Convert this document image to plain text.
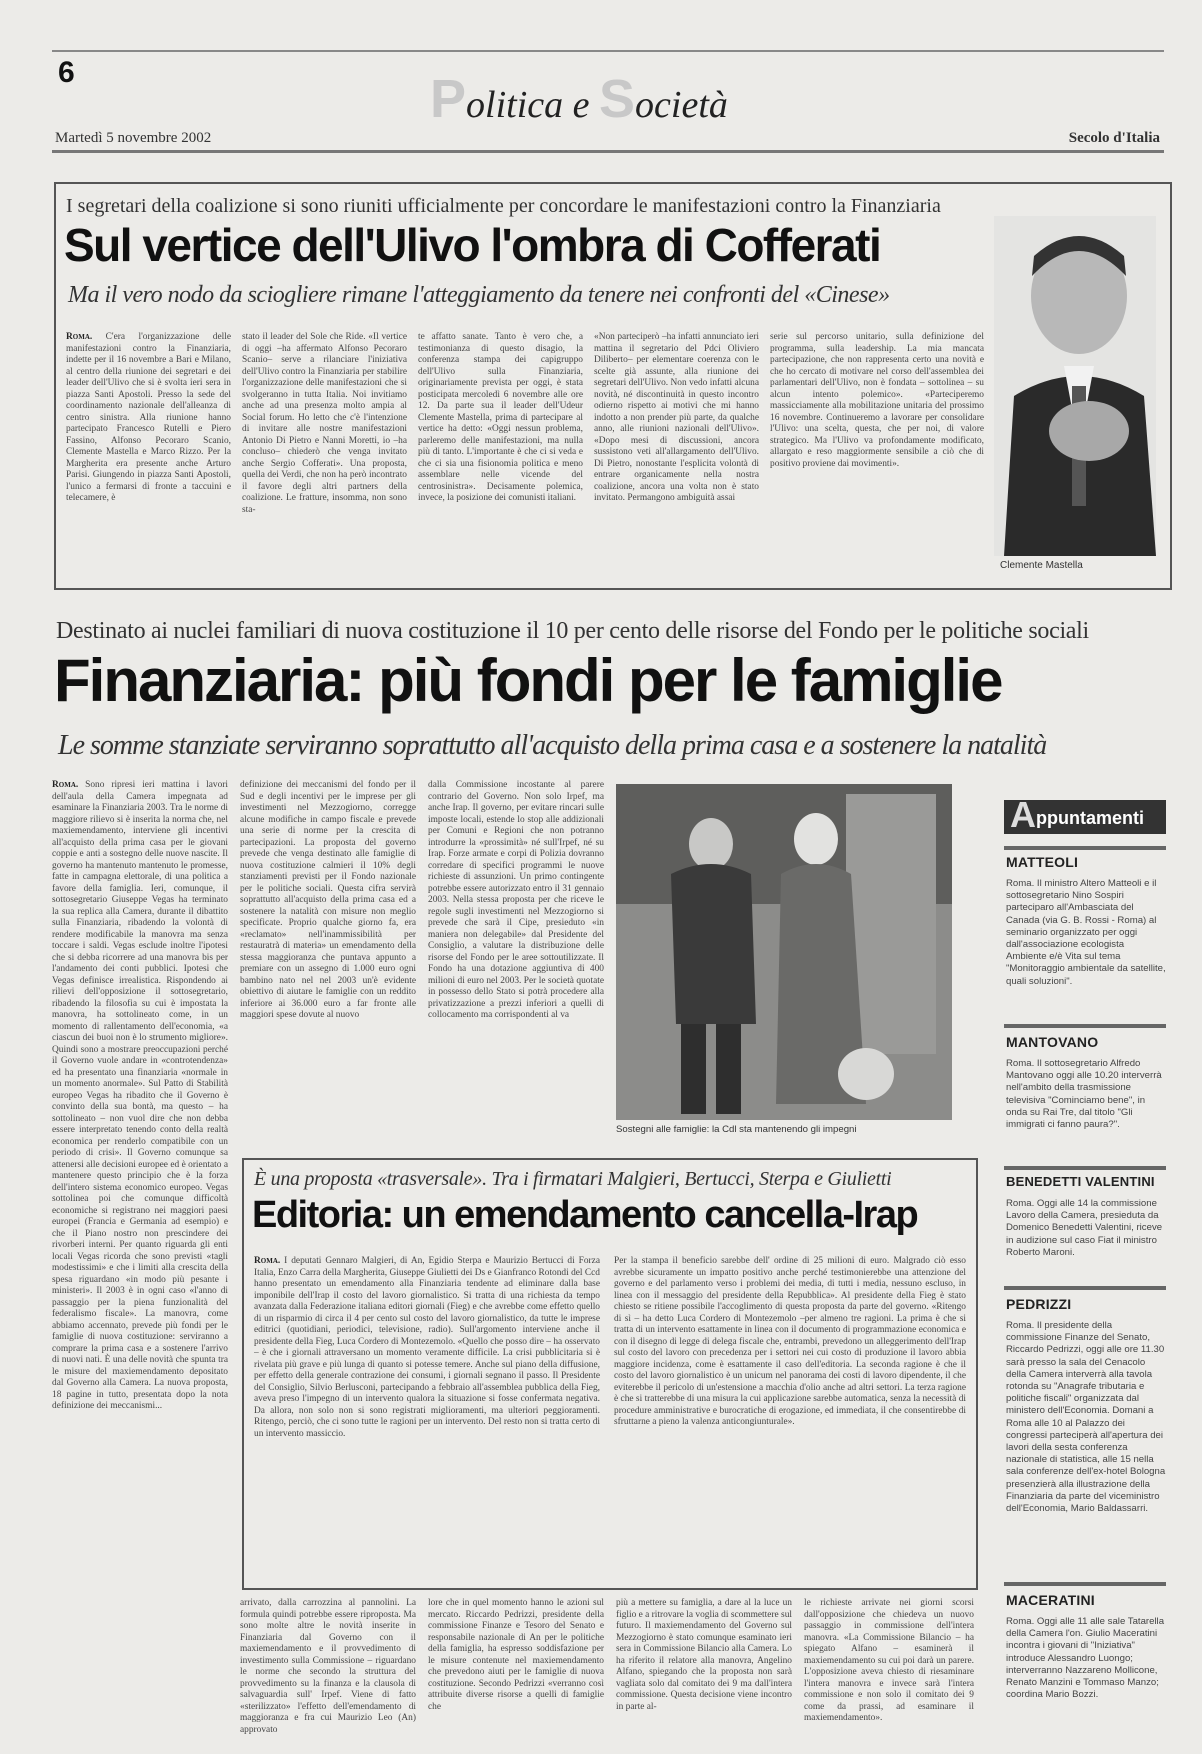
6	Politica e Società
Martedì 5 novembre 2002	Secolo d'Italia
I segretari della coalizione si sono riuniti ufficialmente per concordare le manifestazioni contro la Finanziaria
Sul vertice dell'Ulivo l'ombra di Cofferati
Ma il vero nodo da sciogliere rimane l'atteggiamento da tenere nei confronti del «Cinese»
Roma. C'era l'organizzazione delle manifestazioni contro la Finanziaria, indette per il 16 novembre a Bari e Milano, al centro della riunione dei segretari e dei leader dell'Ulivo che si è svolta ieri sera in piazza Santi Apostoli. Presso la sede del coordinamento nazionale dell'alleanza di centro sinistra. Alla riunione hanno partecipato Francesco Rutelli e Piero Fassino, Alfonso Pecoraro Scanio, Clemente Mastella e Marco Rizzo. Per la Margherita era presente anche Arturo Parisi. Giungendo in piazza Santi Apostoli, l'unico a fermarsi di fronte a taccuini e telecamere, è
stato il leader del Sole che Ride. «Il vertice di oggi –ha affermato Alfonso Pecoraro Scanio– serve a rilanciare l'iniziativa dell'Ulivo contro la Finanziaria per stabilire l'organizzazione delle manifestazioni che si svolgeranno in tutta Italia. Noi invitiamo anche ad una presenza molto ampia al Social forum. Ho letto che c'è l'intenzione di invitare alle nostre manifestazioni Antonio Di Pietro e Nanni Moretti, io –ha concluso– chiederò che venga invitato anche Sergio Cofferati». Una proposta, quella dei Verdi, che non ha però incontrato il favore degli altri partners della coalizione. Le fratture, insomma, non sono sta-
te affatto sanate. Tanto è vero che, a testimonianza di questo disagio, la conferenza stampa dei capigruppo dell'Ulivo sulla Finanziaria, originariamente prevista per oggi, è stata posticipata mercoledì 6 novembre alle ore 12. Da parte sua il leader dell'Udeur Clemente Mastella, prima di partecipare al vertice ha detto: «Oggi nessun problema, parleremo delle manifestazioni, ma nulla più di tanto. L'importante è che ci si veda e che ci sia una fisionomia politica e meno assemblare nelle vicende del centrosinistra». Decisamente polemica, invece, la posizione dei comunisti italiani.
«Non parteciperò –ha infatti annunciato ieri mattina il segretario del Pdci Oliviero Diliberto– per elementare coerenza con le scelte già assunte, alla riunione dei segretari dell'Ulivo. Non vedo infatti alcuna novità, né discontinuità in questo incontro odierno rispetto ai motivi che mi hanno indotto a non prender più parte, da qualche anno, alle riunioni nazionali dell'Ulivo». «Dopo mesi di discussioni, ancora sussistono veti all'allargamento dell'Ulivo. Di Pietro, nonostante l'esplicita volontà di entrare organicamente nella nostra coalizione, ancora una volta non è stato invitato. Permangono ambiguità assai
serie sul percorso unitario, sulla definizione del programma, sulla leadership. La mia mancata partecipazione, che non rappresenta certo una novità e che ho cercato di motivare nel corso dell'assemblea dei parlamentari dell'Ulivo, non è fondata – sottolinea – su alcun intento polemico». «Parteciperemo massicciamente alla mobilitazione unitaria del prossimo 16 novembre. Continueremo a lavorare per consolidare l'Ulivo: una scelta, questa, che per noi, di valore strategico. Ma l'Ulivo va profondamente modificato, allargato e reso maggiormente sensibile a ciò che di positivo proviene dai movimenti».
Clemente Mastella
Destinato ai nuclei familiari di nuova costituzione il 10 per cento delle risorse del Fondo per le politiche sociali
Finanziaria: più fondi per le famiglie
Le somme stanziate serviranno soprattutto all'acquisto della prima casa e a sostenere la natalità
Roma. Sono ripresi ieri mattina i lavori dell'aula della Camera impegnata ad esaminare la Finanziaria 2003. Tra le norme di maggiore rilievo si è inserita la norma che, nel maxiemendamento, interviene gli incentivi all'acquisto della prima casa per le giovani coppie e anti a sostegno delle nuove nascite. Il governo ha mantenuto mantenuto le promesse, fatte in campagna elettorale, di una politica a favore della famiglia. Ieri, comunque, il sottosegretario Giuseppe Vegas ha terminato la sua replica alla Camera, durante il dibattito sulla Finanziaria, ribadendo la volontà di rendere modificabile la manovra ma senza toccare i saldi. Vegas esclude inoltre l'ipotesi che si debba ricorrere ad una manovra bis per l'andamento dei conti pubblici. Ipotesi che Vegas definisce irrealistica. Rispondendo ai rilievi dell'opposizione il sottosegretario, ribadendo la filosofia su cui è impostata la manovra, ha sottolineato come, in un momento di rallentamento dell'economia, «a ciascun dei buoi non è lo strumento migliore». Quindi sono a mostrare preoccupazioni perché il Governo vuole andare in «controtendenza» ed ha presentato una finanziaria «normale in un momento anormale». Sul Patto di Stabilità europeo Vegas ha ribadito che il Governo è convinto della sua bontà, ma questo – ha sottolineato – non vuol dire che non debba essere interpretato tenendo conto della realtà economica per renderlo compatibile con un periodo di crisi». Il Governo comunque sa attenersi alle decisioni europee ed è orientato a mantenere questo principio che è la forza dell'intero sistema economico europeo. Vegas sottolinea poi che comunque difficoltà economiche si registrano nei maggiori paesi europei (Francia e Germania ad esempio) e che il Piano nostro non prescindere dei rivorberi interni. Per quanto riguarda gli enti locali Vegas ricorda che sono previsti «tagli modestissimi» e che i limiti alla crescita della spesa riguardano «in modo più pesante i ministeri». Il 2003 è in ogni caso «l'anno di passaggio per la piena funzionalità del federalismo fiscale». La manovra, come abbiamo accennato, prevede più fondi per le famiglie di nuova costituzione: serviranno a comprare la prima casa e a sostenere l'arrivo di nuovi nati. È una delle novità che spunta tra le misure del maxiemendamento depositato dal Governo alla Camera. La nuova proposta, 18 pagine in tutto, presentata dopo la nota definizione dei meccanismi...
definizione dei meccanismi del fondo per il Sud e degli incentivi per le imprese per gli investimenti nel Mezzogiorno, corregge alcune modifiche in campo fiscale e prevede una serie di norme per la crescita di partecipazioni. La proposta del governo prevede che venga destinato alle famiglie di nuova costituzione calmieri il 10% degli stanziamenti previsti per il Fondo nazionale per le politiche sociali. Questa cifra servirà soprattutto all'acquisto della prima casa ed a sostenere la natalità con misure non meglio specificate. Proprio qualche giorno fa, era «reclamato» nell'inammissibilità per restauratrà di materia» un emendamento della stessa maggioranza che puntava appunto a premiare con un assegno di 1.000 euro ogni bambino nato nel nel 2003 un'è evidente obiettivo di aiutare le famiglie con un reddito inferiore ai 36.000 euro a far fronte alle maggiori spese dovute al nuovo
dalla Commissione incostante al parere contrario del Governo. Non solo Irpef, ma anche Irap. Il governo, per evitare rincari sulle imposte locali, estende lo stop alle addizionali per Comuni e Regioni che non potranno introdurre la «prossimità» né sull'Irpef, né su Irap. Forze armate e corpi di Polizia dovranno corredare di specifici programmi le nuove richieste di assunzioni. Un primo contingente potrebbe essere autorizzato entro il 31 gennaio 2003. Nella stessa proposta per che riceve le regole sugli investimenti nel Mezzogiorno si prevede che sarà il Cipe, presieduto «in maniera non delegabile» dal Presidente del Consiglio, a valutare la distribuzione delle risorse del Fondo per le aree sottoutilizzate. Il Fondo ha una dotazione aggiuntiva di 400 milioni di euro nel 2003. Per le società quotate in possesso dello Stato si potrà procedere alla privatizzazione a prezzi inferiori a quelli di collocamento ma corrispondenti al va
Sostegni alle famiglie: la Cdl sta mantenendo gli impegni
arrivato, dalla carrozzina al pannolini. La formula quindi potrebbe essere riproposta. Ma sono molte altre le novità inserite in Finanziaria dal Governo con il maxiemendamento e il provvedimento di investimento sulla Commissione – riguardano le norme che secondo la struttura del provvedimento su la finanza e la clausola di salvaguardia sull' Irpef. Viene di fatto «sterilizzato» l'effetto dell'emendamento di maggioranza e fra cui Maurizio Leo (An) approvato
lore che in quel momento hanno le azioni sul mercato. Riccardo Pedrizzi, presidente della commissione Finanze e Tesoro del Senato e responsabile nazionale di An per le politiche della famiglia, ha espresso soddisfazione per le misure contenute nel maxiemendamento che prevedono aiuti per le famiglie di nuova costituzione. Secondo Pedrizzi «verranno così attribuite diverse risorse a quelli di famiglie che
più a mettere su famiglia, a dare al la luce un figlio e a ritrovare la voglia di scommettere sul futuro. Il maxiemendamento del Governo sul Mezzogiorno è stato comunque esaminato ieri sera in Commissione Bilancio alla Camera. Lo ha riferito il relatore alla manovra, Angelino Alfano, spiegando che la proposta non sarà vagliata solo dal comitato dei 9 ma dall'intera commissione. Questa decisione viene incontro in parte al-
le richieste arrivate nei giorni scorsi dall'opposizione che chiedeva un nuovo passaggio in commissione dell'intera manovra. «La Commissione Bilancio – ha spiegato Alfano – esaminerà il maxiemendamento su cui poi darà un parere. L'opposizione aveva chiesto di riesaminare l'intera manovra e invece sarà l'intera commissione e non solo il comitato dei 9 come da prassi, ad esaminare il maxiemendamento».
È una proposta «trasversale». Tra i firmatari Malgieri, Bertucci, Sterpa e Giulietti
Editoria: un emendamento cancella-Irap
Roma. I deputati Gennaro Malgieri, di An, Egidio Sterpa e Maurizio Bertucci di Forza Italia, Enzo Carra della Margherita, Giuseppe Giulietti dei Ds e Gianfranco Rotondi del Ccd hanno presentato un emendamento alla Finanziaria tendente ad eliminare dalla base imponibile dell'Irap il costo del lavoro giornalistico. Si tratta di una richiesta da tempo avanzata dalla Federazione italiana editori giornali (Fieg) e che avrebbe come effetto quello di un risparmio di circa il 4 per cento sul costo del lavoro giornalistico, da tutte le imprese editrici (quotidiani, periodici, televisione, radio). Sull'argomento interviene anche il presidente della Fieg, Luca Cordero di Montezemolo. «Quello che posso dire – ha osservato – è che i giornali attraversano un momento veramente difficile. La crisi pubblicitaria si è rivelata più grave e più lunga di quanto si potesse temere. Anche sul piano della diffusione, per effetto della generale contrazione dei consumi, i giornali segnano il passo. Il Presidente del Consiglio, Silvio Berlusconi, partecipando a febbraio all'assemblea pubblica della Fieg, aveva preso l'impegno di un intervento qualora la situazione si fosse confermata negativa. Da allora, non solo non si sono registrati miglioramenti, ma ulteriori peggioramenti. Ritengo, perciò, che ci sono tutte le ragioni per un intervento. Del resto non si tratta certo di un intervento massiccio.
Per la stampa il beneficio sarebbe dell' ordine di 25 milioni di euro. Malgrado ciò esso avrebbe sicuramente un impatto positivo anche perché testimonierebbe una attenzione del governo e del parlamento verso i problemi dei media, di tutti i media, nessuno escluso, in linea con il messaggio del presidente della Repubblica». Al presidente della Fieg è stato chiesto se ritiene possibile l'accoglimento di questa proposta da parte del governo. «Ritengo di sì – ha detto Luca Cordero di Montezemolo –per almeno tre ragioni. La prima è che si tratta di un intervento esattamente in linea con il documento di programmazione economica e con il disegno di legge di delega fiscale che, entrambi, prevedono un alleggerimento dell'Irap sul costo del lavoro con precedenza per i settori nei cui costo di produzione il lavoro abbia maggiore incidenza, come è esattamente il caso dell'editoria. La seconda ragione è che il costo del lavoro giornalistico è un unicum nel panorama dei costi di lavoro dipendente, il che eviterebbe il pericolo di un'estensione a macchia d'olio anche ad altri settori. La terza ragione è che si tratterebbe di una misura la cui applicazione sarebbe automatica, senza la necessità di procedure amministrative e burocratiche di erogazione, ed immediata, il che consentirebbe di sfruttarne a pieno la valenza anticongiunturale».
A ppuntamenti
MATTEOLI
Roma. Il ministro Altero Matteoli e il sottosegretario Nino Sospiri parteciparo all'Ambasciata del Canada (via G. B. Rossi - Roma) al seminario organizzato per oggi dall'associazione ecologista Ambiente e/è Vita sul tema "Monitoraggio ambientale da satellite, quali soluzioni".
MANTOVANO
Roma. Il sottosegretario Alfredo Mantovano oggi alle 10.20 interverrà nell'ambito della trasmissione televisiva "Cominciamo bene", in onda su Rai Tre, dal titolo "Gli immigrati ci fanno paura?".
BENEDETTI VALENTINI
Roma. Oggi alle 14 la commissione Lavoro della Camera, presieduta da Domenico Benedetti Valentini, riceve in audizione sul caso Fiat il ministro Roberto Maroni.
PEDRIZZI
Roma. Il presidente della commissione Finanze del Senato, Riccardo Pedrizzi, oggi alle ore 11.30 sarà presso la sala del Cenacolo della Camera interverrà alla tavola rotonda su "Anagrafe tributaria e politiche fiscali" organizzata dal ministero dell'Economia. Domani a Roma alle 10 al Palazzo dei congressi parteciperà all'apertura dei lavori della sesta conferenza nazionale di statistica, alle 15 nella sala conferenze dell'ex-hotel Bologna presenzierà alla illustrazione della Finanziaria da parte del viceministro dell'Economia, Mario Baldassarri.
MACERATINI
Roma. Oggi alle 11 alle sale Tatarella della Camera l'on. Giulio Maceratini incontra i giovani di "Iniziativa" introduce Alessandro Luongo; interverranno Nazzareno Mollicone, Renato Manzini e Tommaso Manzo; coordina Mario Bozzi.
